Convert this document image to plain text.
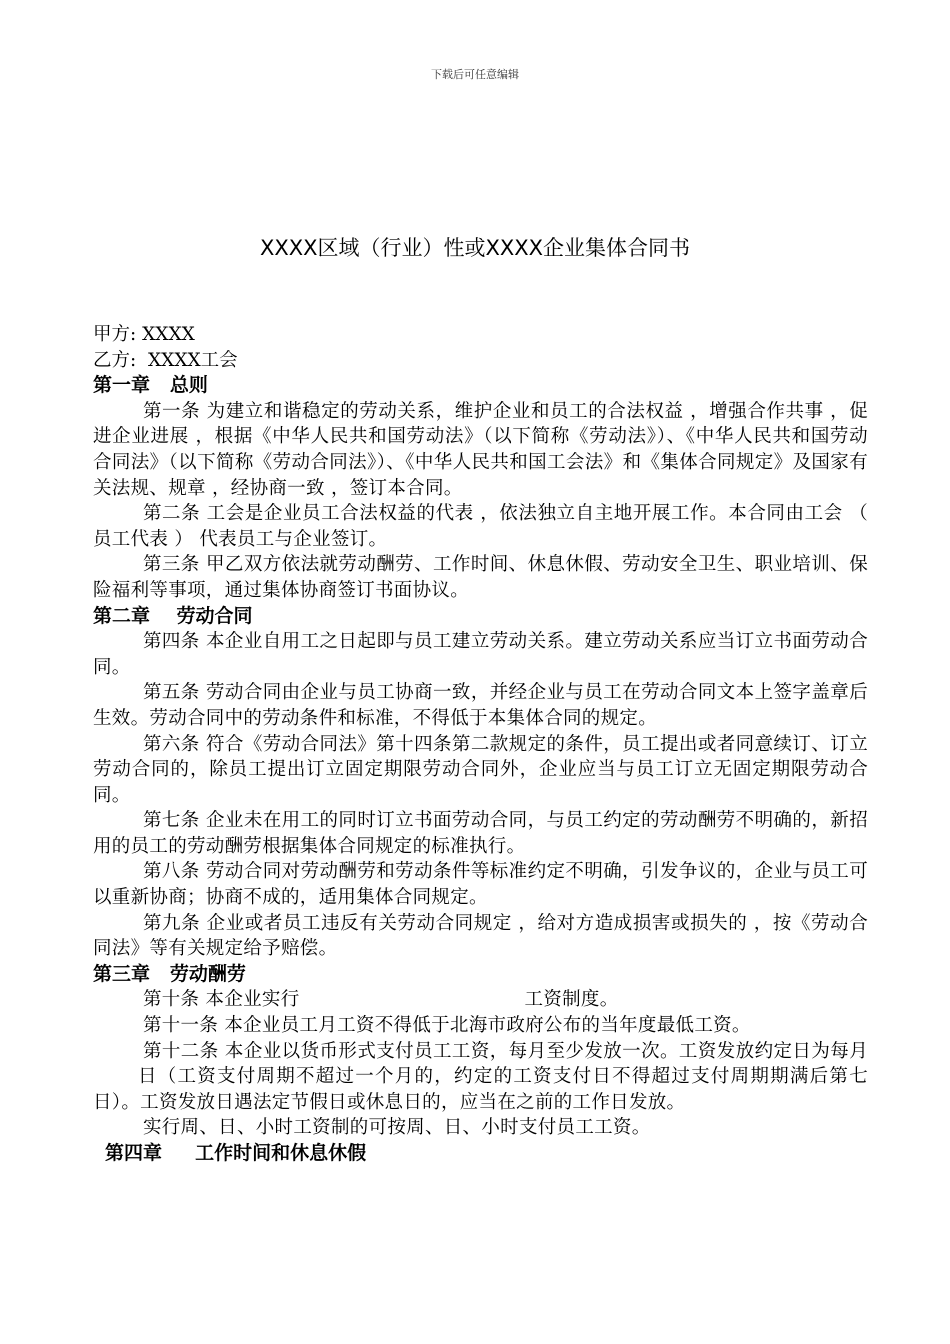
下载后可任意编辑
XXXX区域（行业）性或XXXX企业集体合同书

甲方: XXXX

乙方:  XXXX工会

第一章   总则

第一条 为建立和谐稳定的劳动关系，维护企业和员工的合法权益 ，增强合作共事 ，促进企业进展 ，根据《中华人民共和国劳动法》（以下简称《劳动法》）、《中华人民共和国劳动合同法》（以下简称《劳动合同法》）、《中华人民共和国工会法》和《集体合同规定》及国家有关法规、规章 ，经协商一致 ，签订本合同。

第二条 工会是企业员工合法权益的代表 ，依法独立自主地开展工作。本合同由工会 （ 员工代表 ） 代表员工与企业签订。

第三条 甲乙双方依法就劳动酬劳、工作时间、休息休假、劳动安全卫生、职业培训、保险福利等事项，通过集体协商签订书面协议。

第二章    劳动合同

第四条 本企业自用工之日起即与员工建立劳动关系。建立劳动关系应当订立书面劳动合同。

第五条 劳动合同由企业与员工协商一致，并经企业与员工在劳动合同文本上签字盖章后生效。劳动合同中的劳动条件和标准，不得低于本集体合同的规定。

第六条 符合《劳动合同法》第十四条第二款规定的条件，员工提出或者同意续订、订立劳动合同的，除员工提出订立固定期限劳动合同外，企业应当与员工订立无固定期限劳动合同。

第七条 企业未在用工的同时订立书面劳动合同，与员工约定的劳动酬劳不明确的，新招用的员工的劳动酬劳根据集体合同规定的标准执行。

第八条 劳动合同对劳动酬劳和劳动条件等标准约定不明确，引发争议的，企业与员工可以重新协商；协商不成的，适用集体合同规定。

第九条 企业或者员工违反有关劳动合同规定 ，给对方造成损害或损失的 ，按《劳动合同法》等有关规定给予赔偿。

第三章   劳动酬劳

第十条 本企业实行	工资制度。

第十一条 本企业员工月工资不得低于北海市政府公布的当年度最低工资。

第十二条 本企业以货币形式支付员工工资，每月至少发放一次。工资发放约定日为每月日（工资支付周期不超过一个月的，约定的工资支付日不得超过支付周期期满后第七日）。工资发放日遇法定节假日或休息日的，应当在之前的工作日发放。

实行周、日、小时工资制的可按周、日、小时支付员工工资。

第四章     工作时间和休息休假
